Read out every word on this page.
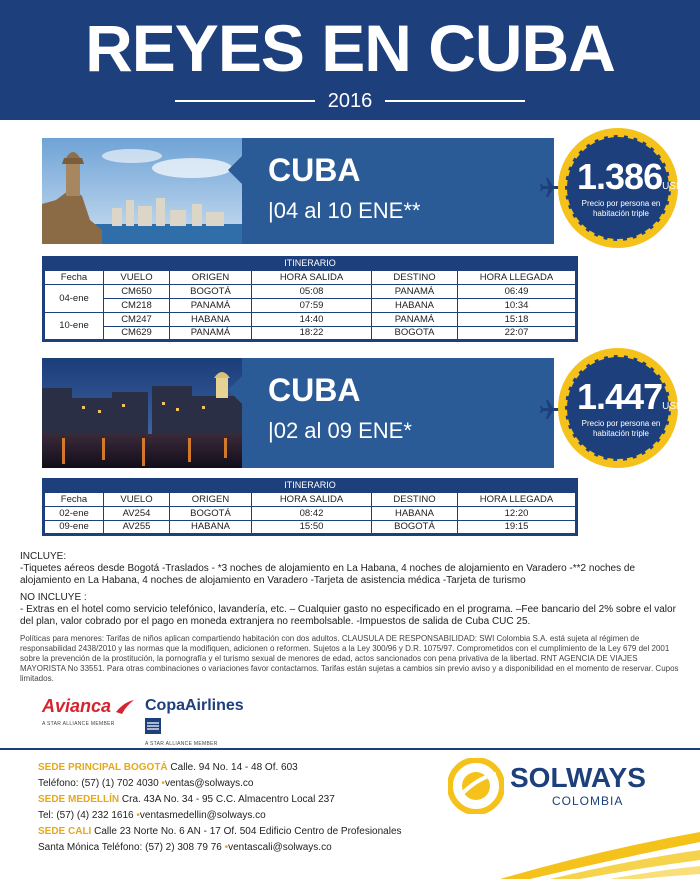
REYES EN CUBA
2016
CUBA
|04 al 10 ENE**
1.386USD
Precio por persona en habitación triple
ITINERARIO
Fecha	VUELO	ORIGEN	HORA SALIDA	DESTINO	HORA LLEGADA
04-ene	CM650	BOGOTÁ	05:08	PANAMÁ	06:49
	CM218	PANAMÁ	07:59	HABANA	10:34
10-ene	CM247	HABANA	14:40	PANAMÁ	15:18
	CM629	PANAMÁ	18:22	BOGOTA	22:07
CUBA
|02 al 09 ENE*
1.447USD
Precio por persona en habitación triple
ITINERARIO
Fecha	VUELO	ORIGEN	HORA SALIDA	DESTINO	HORA LLEGADA
02-ene	AV254	BOGOTÁ	08:42	HABANA	12:20
09-ene	AV255	HABANA	15:50	BOGOTÁ	19:15
INCLUYE:
-Tiquetes aéreos desde Bogotá -Traslados - *3 noches de alojamiento en La Habana, 4 noches de alojamiento en Varadero -**2 noches de alojamiento en La Habana, 4 noches de alojamiento en Varadero -Tarjeta de asistencia médica -Tarjeta de turismo
NO INCLUYE :
- Extras en el hotel como servicio telefónico, lavandería, etc. – Cualquier gasto no especificado en el programa. –Fee bancario del 2% sobre el valor del plan, valor cobrado por el pago en moneda extranjera no reembolsable. -Impuestos de salida de Cuba CUC 25.
Políticas para menores: Tarifas de niños aplican compartiendo habitación con dos adultos. CLAUSULA DE RESPONSABILIDAD: SWI Colombia S.A. está sujeta al régimen de responsabilidad 2438/2010 y las normas que la modifiquen, adicionen o reformen. Sujetos a la Ley 300/96 y D.R. 1075/97. Comprometidos con el cumplimiento de la Ley 679 del 2001 sobre la prevención de la prostitución, la pornografía y el turismo sexual de menores de edad, actos sancionados con pena privativa de la libertad. RNT AGENCIA DE VIAJES MAYORISTA No 33551. Para otras combinaciones o variaciones favor contactarnos. Tarifas están sujetas a cambios sin previo aviso y a disponibilidad en el momento de reservar. Cupos limitados.
Avianca
A STAR ALLIANCE MEMBER
CopaAirlines
A STAR ALLIANCE MEMBER
SEDE PRINCIPAL BOGOTÁ Calle. 94 No. 14 - 48 Of. 603
Teléfono: (57) (1) 702 4030 •ventas@solways.co
SEDE MEDELLÍN Cra. 43A No. 34 - 95 C.C. Almacentro Local 237
Tel: (57) (4) 232 1616 •ventasmedellin@solways.co
SEDE CALI Calle 23 Norte No. 6 AN - 17 Of. 504 Edificio Centro de Profesionales
Santa Mónica Teléfono: (57) 2) 308 79 76 •ventascali@solways.co
SOLWAYS
COLOMBIA
